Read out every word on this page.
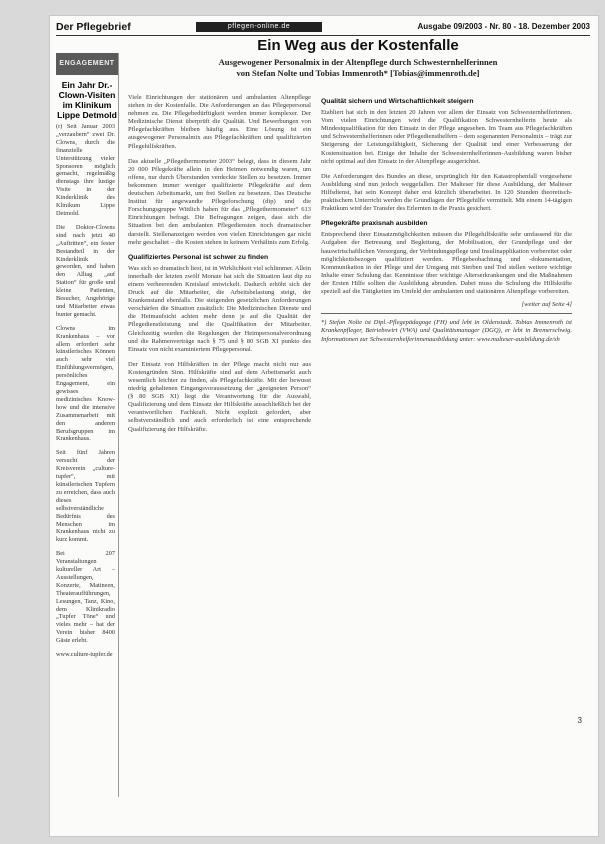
Der Pflegebrief	pflegen-online.de	Ausgabe 09/2003 - Nr. 80 - 18. Dezember 2003
ENGAGEMENT
Ein Jahr Dr.-Clown-Visiten im Klinikum Lippe Detmold

(r) Seit Januar 2003 „verzaubern“ zwei Dr. Clowns, durch die finanzielle Unterstützung vieler Sponsoren möglich gemacht, regelmäßig dienstags ihre lustige Visite in der Kinderklinik des Klinikum Lippe Detmold.

Die Doktor-Clowns sind nach jetzt 40 „Auftritten“, ein fester Bestandteil in der Kinderklinik geworden, und haben den Alltag „auf Station“ für große und kleine Patienten, Besucher, Angehörige und Mitarbeiter etwas bunter gemacht.

Clowns im Krankenhaus – vor allem erfordert sehr künstlerisches Können auch sehr viel Einfühlungsvermögen, persönliches Engagement, ein gewisses medizinisches Know-how und die intensive Zusammenarbeit mit den anderen Berufsgruppen im Krankenhaus.

Seit fünf Jahren versucht der Kreisverein „culture-tupfer“, mit künstlerischen Tupfern zu erreichen, dass auch dieses selbstverständliche Bedürfnis des Menschen im Krankenhaus nicht zu kurz kommt.

Bei 207 Veranstaltungen kultureller Art – Ausstellungen, Konzerte, Matineen, Theateraufführungen, Lesungen, Tanz, Kino, dem Klinikradio „Tupfer Töne“ und vieles mehr – hat der Verein bisher 8400 Gäste erlebt.

www.culture-tupfer.de
Ein Weg aus der Kostenfalle
Ausgewogener Personalmix in der Altenpflege durch Schwesternhelferinnen
von Stefan Nolte und Tobias Immenroth* [Tobias@immenroth.de]

Viele Einrichtungen der stationären und ambulanten Altenpflege stehen in der Kostenfalle. Die Anforderungen an das Pflegepersonal nehmen zu. Die Pflegebedürftigkeit werden immer komplexer. Der Medizinische Dienst überprüft die Qualität. Und Bewerbungen von Pflegefachkräften bleiben häufig aus. Eine Lösung ist ein ausgewogener Personalmix aus Pflegefachkräften und qualifizierten Pflegehilfskräften.

Das aktuelle „Pflegethermometer 2003“ belegt, dass in diesem Jahr 20 000 Pflegekräfte allein in den Heimen notwendig waren, um offene, nur durch Überstunden verdeckte Stellen zu besetzen. Immer bekommen immer weniger qualifizierte Pflegekräfte auf dem deutschen Arbeitsmarkt, um frei Stellen zu besetzen. Das Deutsche Institut für angewandte Pflegeforschung (dip) und die Forschungsgruppe Wittlich haben für das „Pflegethermometer“ 613 Einrichtungen befragt. Die Befragungen zeigen, dass sich die Situation bei den ambulanten Pflegediensten noch dramatischer darstellt. Stellenanzeigen werden von vielen Einrichtungen gar nicht mehr geschaltet – die Kosten stehen in keinem Verhältnis zum Erfolg.

Qualifiziertes Personal ist schwer zu finden

Was sich so dramatisch liest, ist in Wirklichkeit viel schlimmer. Allein innerhalb der letzten zwölf Monate hat sich die Situation laut dip zu einem verheerenden Kreislauf entwickelt. Dadurch erhöht sich der Druck auf die Mitarbeiter, die Arbeitsbelastung steigt, der Krankenstand ebenfalls. Die steigenden gesetzlichen Anforderungen verschärfen die Situation zusätzlich: Die Medizinischen Dienste und die Heimaufsicht achten mehr denn je auf die Qualität der Pflegedienstleistung und die Qualifikation der Mitarbeiter. Gleichzeitig wurden die Regelungen der Heimpersonalverordnung und die Rahmenverträge nach § 75 und § 80 SGB XI punkto des Einsatz von nicht examiniertem Pflegepersonal.

Der Einsatz von Hilfskräften in der Pflege macht nicht nur aus Kostengründen Sinn. Hilfskräfte sind auf dem Arbeitsmarkt auch wesentlich leichter zu finden, als Pflegefachkräfte. Mit der bewusst niedrig gehaltenen Eingangsvoraussetzung der „geeigneten Person“ (§ 80 SGB XI) liegt die Verantwortung für die Auswahl, Qualifizierung und dem Einsatz der Hilfskräfte ausschließlich bei der verantwortlichen Fachkraft. Nicht explizit gefordert, aber selbstverständlich und auch erforderlich ist eine entsprechende Qualifizierung der Hilfskräfte.

Qualität sichern und Wirtschaftlichkeit steigern

Etabliert hat sich in den letzten 20 Jahren vor allem der Einsatz von Schwesternhelferinnen. Vom vielen Einrichtungen wird die Qualifikation Schwesternhelferin heute als Mindestqualifikation für den Einsatz in der Pflege angesehen. Im Team aus Pflegefachkräften und Schwesternhelferinnen oder Pflegediensthelfern – dem sogenannten Personalmix – trägt zur Steigerung der Leistungsfähigkeit, Sicherung der Qualität und einer Verbesserung der Kostensituation bei. Einige der Inhalte der Schwesternhelferinnen-Ausbildung waren bisher nicht optimal auf den Einsatz in der Altenpflege ausgerichtet.

Die Anforderungen des Bundes an diese, ursprünglich für den Katastrophenfall vorgesehene Ausbildung sind nun jedoch weggefallen. Der Malteser für diese Ausbildung, der Malteser Hilfsdienst, hat sein Konzept daher erst kürzlich überarbeitet. In 120 Stunden theoretisch-praktischem Unterricht werden die Grundlagen der Pflegehilfe vermittelt. Mit einem 14-tägigen Praktikum wird der Transfer des Erlernten in die Praxis gesichert.

Pflegekräfte praxisnah ausbilden

Entsprechend ihrer Einsatzmöglichkeiten müssen die Pflegehilfskräfte sehr umfassend für die Aufgaben der Betreuung und Begleitung, der Mobilisation, der Grundpflege und der hauswirtschaftlichen Versorgung, der Verbindungspflege und Insulinapplikation vorbereitet oder möglichkeitsbezogen qualifiziert werden. Pflegebeobachtung und -dokumentation, Kommunikation in der Pflege und der Umgang mit Sterben und Tod stellen weitere wichtige Inhalte einer Schulung dar. Kenntnisse über wichtige Alterserkrankungen und die Maßnahmen der Ersten Hilfe sollten die Ausbildung abrunden. Dabei muss die Schulung die Hilfskräfte speziell auf die Tätigkeiten im Umfeld der ambulanten und stationären Altenpflege vorbereiten.

[weiter auf Seite 4]
*) Stefan Nolte ist Dipl.-Pflegepädagoge (FH) und lebt in Oldenstadt. Tobias Immenroth ist Krankenpfleger, Betriebswirt (VWA) und Qualitätsmanager (DGQ), er lebt in Bremerschwig. Informationen zur Schwesternhelferinnenausbildung unter: www.malteser-ausbildung.de/sh
3
